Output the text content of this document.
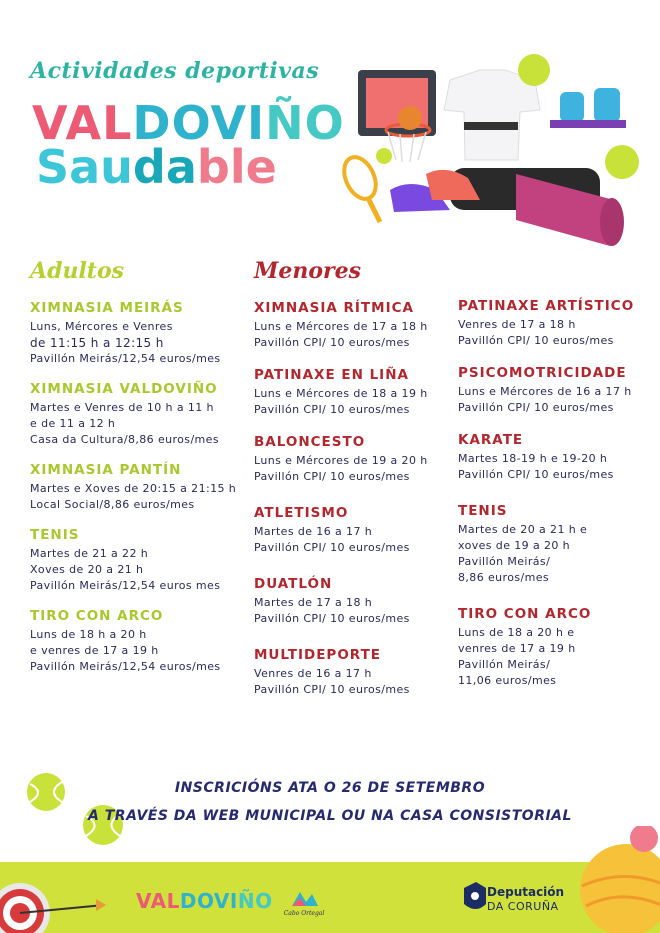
Actividades deportivas
VALDOVIÑO
Saudable
Adultos	Menores
XIMNASIA MEIRÁS
Luns, Mércores e Venres
de 11:15 h a 12:15 h
Pavillón Meirás/12,54 euros/mes
XIMNASIA VALDOVIÑO
Martes e Venres de 10 h a 11 h
e de 11 a 12 h
Casa da Cultura/8,86 euros/mes
XIMNASIA PANTÍN
Martes e Xoves de 20:15 a 21:15 h
Local Social/8,86 euros/mes
TENIS
Martes de 21 a 22 h
Xoves de 20 a 21 h
Pavillón Meirás/12,54 euros mes
TIRO CON ARCO
Luns de 18 h a 20 h
e venres de 17 a 19 h
Pavillón Meirás/12,54 euros/mes
XIMNASIA RÍTMICA
Luns e Mércores de 17 a 18 h
Pavillón CPI/ 10 euros/mes
PATINAXE EN LIÑA
Luns e Mércores de 18 a 19 h
Pavillón CPI/ 10 euros/mes
BALONCESTO
Luns e Mércores de 19 a 20 h
Pavillón CPI/ 10 euros/mes
ATLETISMO
Martes de 16 a 17 h
Pavillón CPI/ 10 euros/mes
DUATLÓN
Martes de 17 a 18 h
Pavillón CPI/ 10 euros/mes
MULTIDEPORTE
Venres de 16 a 17 h
Pavillón CPI/ 10 euros/mes
PATINAXE ARTÍSTICO
Venres de 17 a 18 h
Pavillón CPI/ 10 euros/mes
PSICOMOTRICIDADE
Luns e Mércores de 16 a 17 h
Pavillón CPI/ 10 euros/mes
KARATE
Martes 18-19 h e 19-20 h
Pavillón CPI/ 10 euros/mes
TENIS
Martes de 20 a 21 h e
xoves de 19 a 20 h
Pavillón Meirás/
8,86 euros/mes
TIRO CON ARCO
Luns de 18 a 20 h e
venres de 17 a 19 h
Pavillón Meirás/
11,06 euros/mes
INSCRICIÓNS ATA O 26 DE SETEMBRO
A TRAVÉS DA WEB MUNICIPAL OU NA CASA CONSISTORIAL
VALDOVIÑO
Cabo Ortegal
Deputación
DA CORUÑA
